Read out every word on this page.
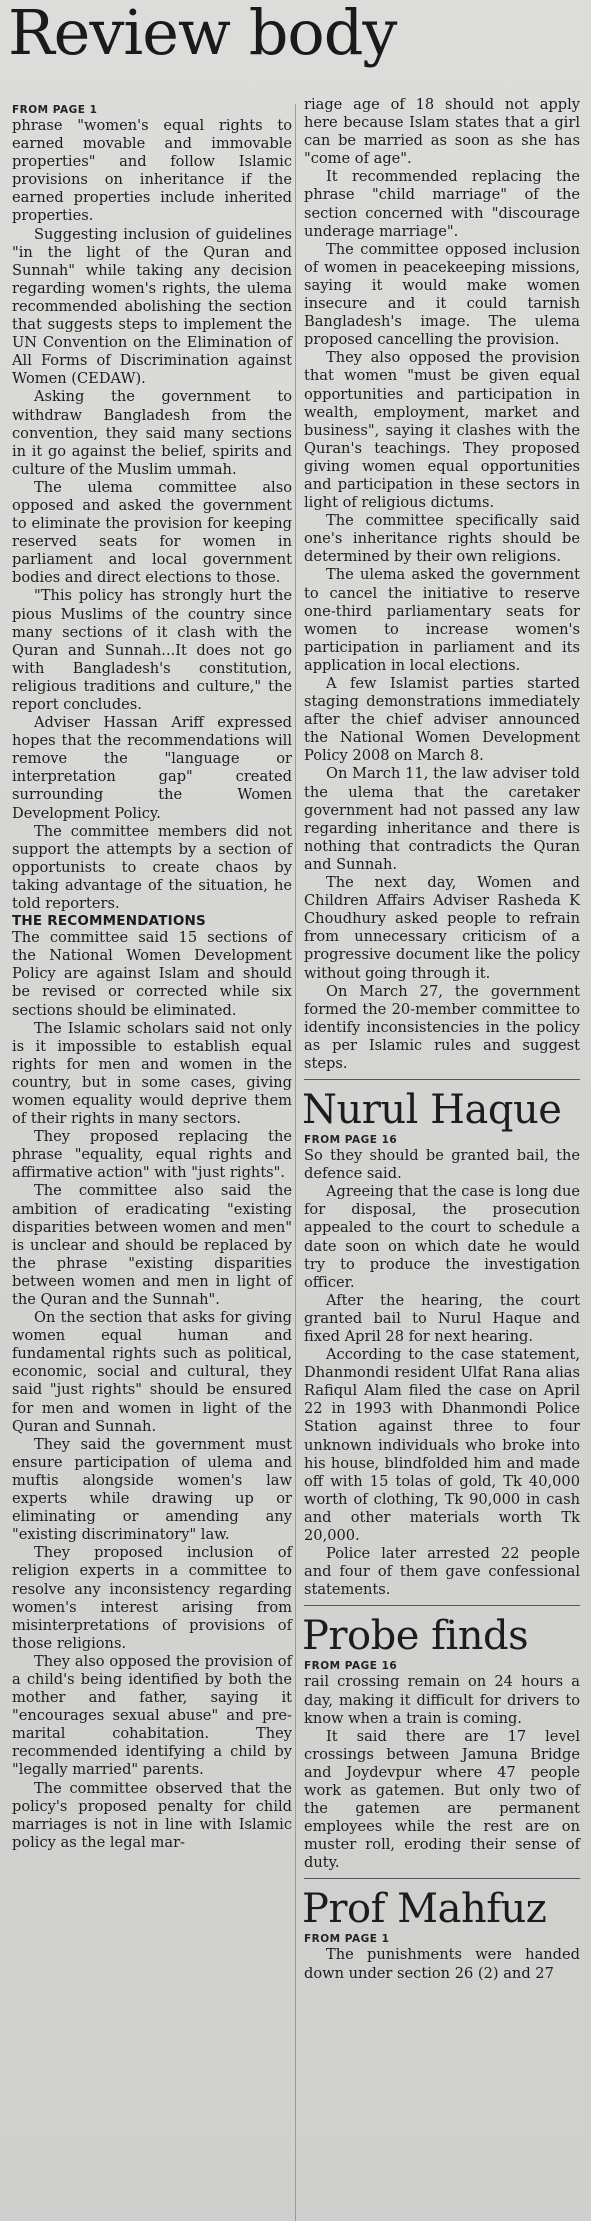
Review body
FROM PAGE 1

phrase "women's equal rights to earned movable and immovable properties" and follow Islamic provisions on inheritance if the earned properties include inherited properties.

Suggesting inclusion of guidelines "in the light of the Quran and Sunnah" while taking any decision regarding women's rights, the ulema recommended abolishing the section that suggests steps to implement the UN Convention on the Elimination of All Forms of Discrimination against Women (CEDAW).

Asking the government to withdraw Bangladesh from the convention, they said many sections in it go against the belief, spirits and culture of the Muslim ummah.

The ulema committee also opposed and asked the government to eliminate the provision for keeping reserved seats for women in parliament and local government bodies and direct elections to those.

"This policy has strongly hurt the pious Muslims of the country since many sections of it clash with the Quran and Sunnah...It does not go with Bangladesh's constitution, religious traditions and culture," the report concludes.

Adviser Hassan Ariff expressed hopes that the recommendations will remove the "language or interpretation gap" created surrounding the Women Development Policy.

The committee members did not support the attempts by a section of opportunists to create chaos by taking advantage of the situation, he told reporters.

THE RECOMMENDATIONS

The committee said 15 sections of the National Women Development Policy are against Islam and should be revised or corrected while six sections should be eliminated.

The Islamic scholars said not only is it impossible to establish equal rights for men and women in the country, but in some cases, giving women equality would deprive them of their rights in many sectors.

They proposed replacing the phrase "equality, equal rights and affirmative action" with "just rights".

The committee also said the ambition of eradicating "existing disparities between women and men" is unclear and should be replaced by the phrase "existing disparities between women and men in light of the Quran and the Sunnah".

On the section that asks for giving women equal human and fundamental rights such as political, economic, social and cultural, they said "just rights" should be ensured for men and women in light of the Quran and Sunnah.

They said the government must ensure participation of ulema and muftis alongside women's law experts while drawing up or eliminating or amending any "existing discriminatory" law.

They proposed inclusion of religion experts in a committee to resolve any inconsistency regarding women's interest arising from misinterpretations of provisions of those religions.

They also opposed the provision of a child's being identified by both the mother and father, saying it "encourages sexual abuse" and pre-marital cohabitation. They recommended identifying a child by "legally married" parents.

The committee observed that the policy's proposed penalty for child marriages is not in line with Islamic policy as the legal mar-

riage age of 18 should not apply here because Islam states that a girl can be married as soon as she has "come of age".

It recommended replacing the phrase "child marriage" of the section concerned with "discourage underage marriage".

The committee opposed inclusion of women in peacekeeping missions, saying it would make women insecure and it could tarnish Bangladesh's image. The ulema proposed cancelling the provision.

They also opposed the provision that women "must be given equal opportunities and participation in wealth, employment, market and business", saying it clashes with the Quran's teachings. They proposed giving women equal opportunities and participation in these sectors in light of religious dictums.

The committee specifically said one's inheritance rights should be determined by their own religions.

The ulema asked the government to cancel the initiative to reserve one-third parliamentary seats for women to increase women's participation in parliament and its application in local elections.

A few Islamist parties started staging demonstrations immediately after the chief adviser announced the National Women Development Policy 2008 on March 8.

On March 11, the law adviser told the ulema that the caretaker government had not passed any law regarding inheritance and there is nothing that contradicts the Quran and Sunnah.

The next day, Women and Children Affairs Adviser Rasheda K Choudhury asked people to refrain from unnecessary criticism of a progressive document like the policy without going through it.

On March 27, the government formed the 20-member committee to identify inconsistencies in the policy as per Islamic rules and suggest steps.

Nurul Haque
FROM PAGE 16

So they should be granted bail, the defence said.

Agreeing that the case is long due for disposal, the prosecution appealed to the court to schedule a date soon on which date he would try to produce the investigation officer.

After the hearing, the court granted bail to Nurul Haque and fixed April 28 for next hearing.

According to the case statement, Dhanmondi resident Ulfat Rana alias Rafiqul Alam filed the case on April 22 in 1993 with Dhanmondi Police Station against three to four unknown individuals who broke into his house, blindfolded him and made off with 15 tolas of gold, Tk 40,000 worth of clothing, Tk 90,000 in cash and other materials worth Tk 20,000.

Police later arrested 22 people and four of them gave confessional statements.

Probe finds
FROM PAGE 16

rail crossing remain on 24 hours a day, making it difficult for drivers to know when a train is coming.

It said there are 17 level crossings between Jamuna Bridge and Joydevpur where 47 people work as gatemen. But only two of the gatemen are permanent employees while the rest are on muster roll, eroding their sense of duty.

Prof Mahfuz
FROM PAGE 1

The punishments were handed down under section 26 (2) and 27
